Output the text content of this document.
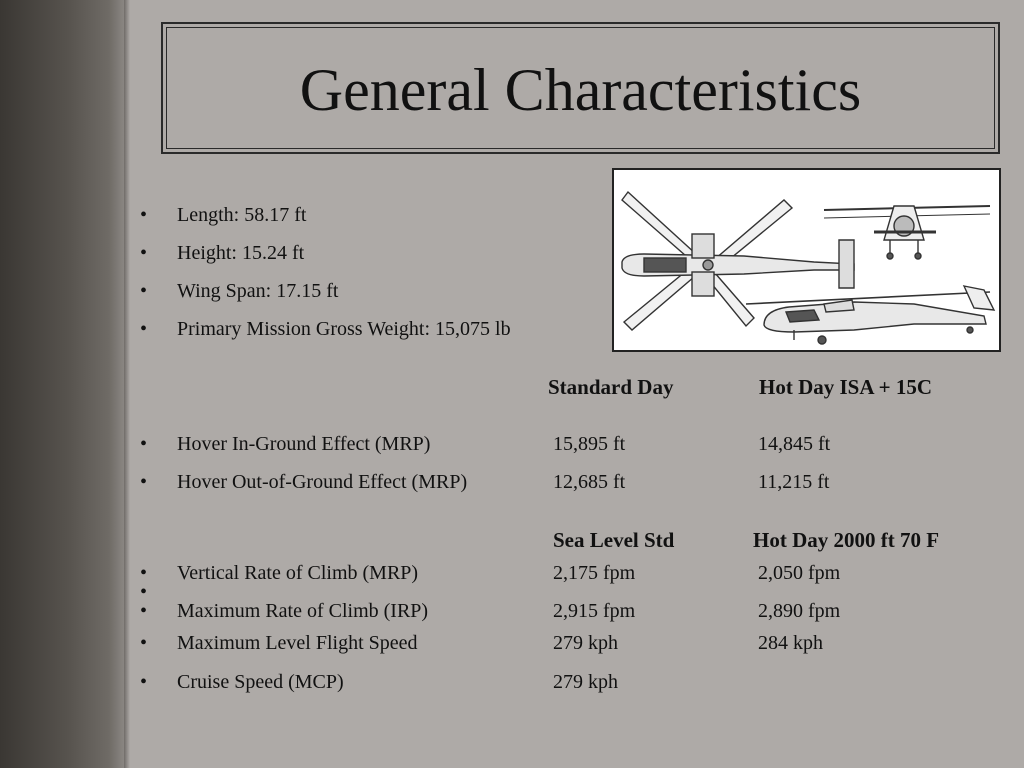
General Characteristics
•	Length: 58.17 ft
•	Height: 15.24 ft
•	Wing Span: 17.15 ft
•	Primary Mission Gross Weight: 15,075 lb
Standard Day	Hot Day ISA + 15C
•	Hover In-Ground Effect (MRP)	15,895 ft	14,845 ft
•	Hover Out-of-Ground Effect (MRP)	12,685 ft	11,215 ft
Sea Level Std	Hot Day 2000 ft 70 F
•	Vertical Rate of Climb (MRP)	2,175 fpm	2,050 fpm
•
•	Maximum Rate of Climb (IRP)	2,915 fpm	2,890 fpm
•	Maximum Level Flight Speed	279 kph	284 kph
•	Cruise Speed (MCP)	279 kph
